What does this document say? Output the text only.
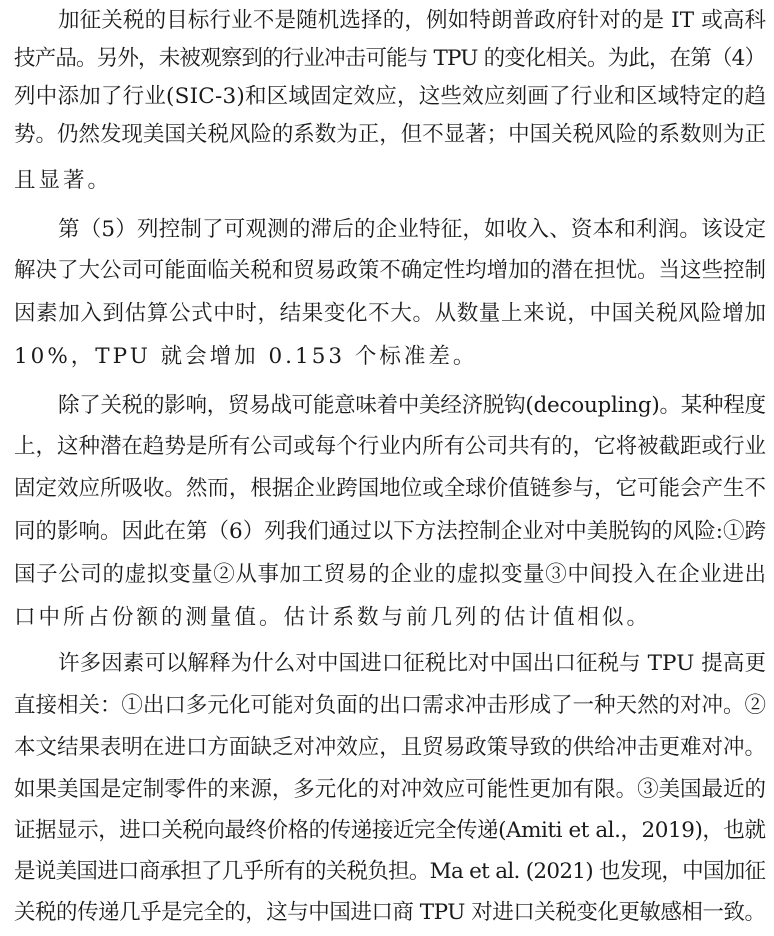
加征关税的目标行业不是随机选择的，例如特朗普政府针对的是 IT 或高科
技产品。另外，未被观察到的行业冲击可能与 TPU 的变化相关。为此，在第（4）
列中添加了行业(SIC-3)和区域固定效应，这些效应刻画了行业和区域特定的趋
势。仍然发现美国关税风险的系数为正，但不显著；中国关税风险的系数则为正
且显著。
第（5）列控制了可观测的滞后的企业特征，如收入、资本和利润。该设定
解决了大公司可能面临关税和贸易政策不确定性均增加的潜在担忧。当这些控制
因素加入到估算公式中时，结果变化不大。从数量上来说，中国关税风险增加
10%，TPU 就会增加 0.153 个标准差。
除了关税的影响，贸易战可能意味着中美经济脱钩(decoupling)。某种程度
上，这种潜在趋势是所有公司或每个行业内所有公司共有的，它将被截距或行业
固定效应所吸收。然而，根据企业跨国地位或全球价值链参与，它可能会产生不
同的影响。因此在第（6）列我们通过以下方法控制企业对中美脱钩的风险:①跨
国子公司的虚拟变量②从事加工贸易的企业的虚拟变量③中间投入在企业进出
口中所占份额的测量值。估计系数与前几列的估计值相似。
许多因素可以解释为什么对中国进口征税比对中国出口征税与 TPU 提高更
直接相关：①出口多元化可能对负面的出口需求冲击形成了一种天然的对冲。②
本文结果表明在进口方面缺乏对冲效应，且贸易政策导致的供给冲击更难对冲。
如果美国是定制零件的来源，多元化的对冲效应可能性更加有限。③美国最近的
证据显示，进口关税向最终价格的传递接近完全传递(Amiti et al.，2019)，也就
是说美国进口商承担了几乎所有的关税负担。Ma et al. (2021) 也发现，中国加征
关税的传递几乎是完全的，这与中国进口商 TPU 对进口关税变化更敏感相一致。
